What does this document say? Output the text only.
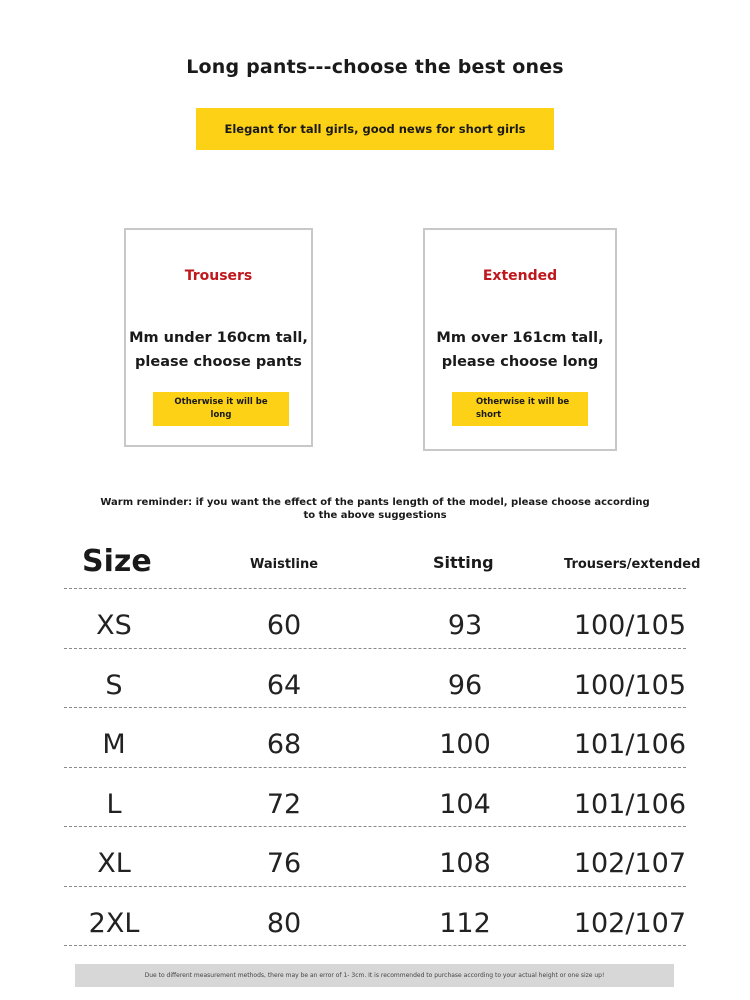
Long pants---choose the best ones
Elegant for tall girls, good news for short girls
Trousers
Mm under 160cm tall,
please choose pants
Otherwise it will be long
Extended
Mm over 161cm tall,
please choose long
Otherwise it will be short
Warm reminder: if you want the effect of the pants length of the model, please choose according to the above suggestions
Size	Waistline	Sitting	Trousers/extended
XS	60	93	100/105
S	64	96	100/105
M	68	100	101/106
L	72	104	101/106
XL	76	108	102/107
2XL	80	112	102/107
Due to different measurement methods, there may be an error of 1- 3cm. It is recommended to purchase according to your actual height or one size up!
